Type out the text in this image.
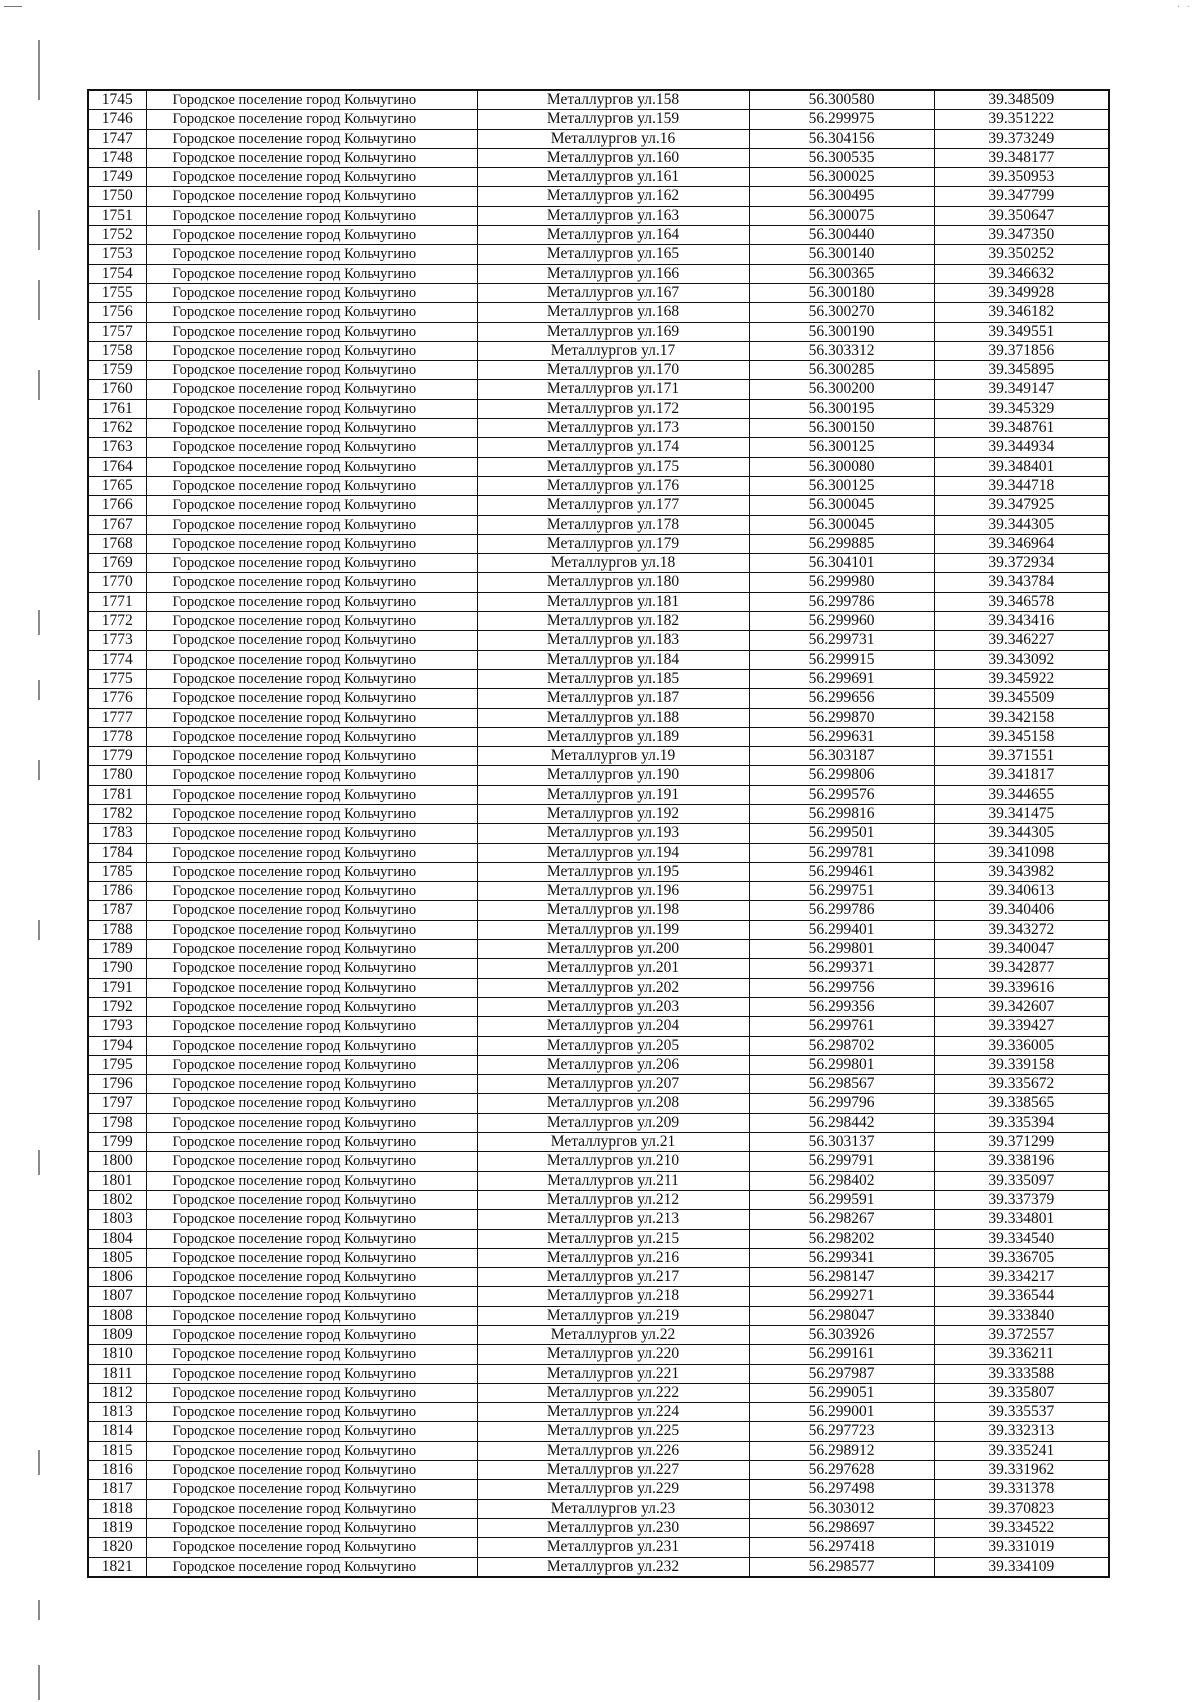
· ·
1745	Городское поселение город Кольчугино	Металлургов ул.158	56.300580	39.348509
1746	Городское поселение город Кольчугино	Металлургов ул.159	56.299975	39.351222
1747	Городское поселение город Кольчугино	Металлургов ул.16	56.304156	39.373249
1748	Городское поселение город Кольчугино	Металлургов ул.160	56.300535	39.348177
1749	Городское поселение город Кольчугино	Металлургов ул.161	56.300025	39.350953
1750	Городское поселение город Кольчугино	Металлургов ул.162	56.300495	39.347799
1751	Городское поселение город Кольчугино	Металлургов ул.163	56.300075	39.350647
1752	Городское поселение город Кольчугино	Металлургов ул.164	56.300440	39.347350
1753	Городское поселение город Кольчугино	Металлургов ул.165	56.300140	39.350252
1754	Городское поселение город Кольчугино	Металлургов ул.166	56.300365	39.346632
1755	Городское поселение город Кольчугино	Металлургов ул.167	56.300180	39.349928
1756	Городское поселение город Кольчугино	Металлургов ул.168	56.300270	39.346182
1757	Городское поселение город Кольчугино	Металлургов ул.169	56.300190	39.349551
1758	Городское поселение город Кольчугино	Металлургов ул.17	56.303312	39.371856
1759	Городское поселение город Кольчугино	Металлургов ул.170	56.300285	39.345895
1760	Городское поселение город Кольчугино	Металлургов ул.171	56.300200	39.349147
1761	Городское поселение город Кольчугино	Металлургов ул.172	56.300195	39.345329
1762	Городское поселение город Кольчугино	Металлургов ул.173	56.300150	39.348761
1763	Городское поселение город Кольчугино	Металлургов ул.174	56.300125	39.344934
1764	Городское поселение город Кольчугино	Металлургов ул.175	56.300080	39.348401
1765	Городское поселение город Кольчугино	Металлургов ул.176	56.300125	39.344718
1766	Городское поселение город Кольчугино	Металлургов ул.177	56.300045	39.347925
1767	Городское поселение город Кольчугино	Металлургов ул.178	56.300045	39.344305
1768	Городское поселение город Кольчугино	Металлургов ул.179	56.299885	39.346964
1769	Городское поселение город Кольчугино	Металлургов ул.18	56.304101	39.372934
1770	Городское поселение город Кольчугино	Металлургов ул.180	56.299980	39.343784
1771	Городское поселение город Кольчугино	Металлургов ул.181	56.299786	39.346578
1772	Городское поселение город Кольчугино	Металлургов ул.182	56.299960	39.343416
1773	Городское поселение город Кольчугино	Металлургов ул.183	56.299731	39.346227
1774	Городское поселение город Кольчугино	Металлургов ул.184	56.299915	39.343092
1775	Городское поселение город Кольчугино	Металлургов ул.185	56.299691	39.345922
1776	Городское поселение город Кольчугино	Металлургов ул.187	56.299656	39.345509
1777	Городское поселение город Кольчугино	Металлургов ул.188	56.299870	39.342158
1778	Городское поселение город Кольчугино	Металлургов ул.189	56.299631	39.345158
1779	Городское поселение город Кольчугино	Металлургов ул.19	56.303187	39.371551
1780	Городское поселение город Кольчугино	Металлургов ул.190	56.299806	39.341817
1781	Городское поселение город Кольчугино	Металлургов ул.191	56.299576	39.344655
1782	Городское поселение город Кольчугино	Металлургов ул.192	56.299816	39.341475
1783	Городское поселение город Кольчугино	Металлургов ул.193	56.299501	39.344305
1784	Городское поселение город Кольчугино	Металлургов ул.194	56.299781	39.341098
1785	Городское поселение город Кольчугино	Металлургов ул.195	56.299461	39.343982
1786	Городское поселение город Кольчугино	Металлургов ул.196	56.299751	39.340613
1787	Городское поселение город Кольчугино	Металлургов ул.198	56.299786	39.340406
1788	Городское поселение город Кольчугино	Металлургов ул.199	56.299401	39.343272
1789	Городское поселение город Кольчугино	Металлургов ул.200	56.299801	39.340047
1790	Городское поселение город Кольчугино	Металлургов ул.201	56.299371	39.342877
1791	Городское поселение город Кольчугино	Металлургов ул.202	56.299756	39.339616
1792	Городское поселение город Кольчугино	Металлургов ул.203	56.299356	39.342607
1793	Городское поселение город Кольчугино	Металлургов ул.204	56.299761	39.339427
1794	Городское поселение город Кольчугино	Металлургов ул.205	56.298702	39.336005
1795	Городское поселение город Кольчугино	Металлургов ул.206	56.299801	39.339158
1796	Городское поселение город Кольчугино	Металлургов ул.207	56.298567	39.335672
1797	Городское поселение город Кольчугино	Металлургов ул.208	56.299796	39.338565
1798	Городское поселение город Кольчугино	Металлургов ул.209	56.298442	39.335394
1799	Городское поселение город Кольчугино	Металлургов ул.21	56.303137	39.371299
1800	Городское поселение город Кольчугино	Металлургов ул.210	56.299791	39.338196
1801	Городское поселение город Кольчугино	Металлургов ул.211	56.298402	39.335097
1802	Городское поселение город Кольчугино	Металлургов ул.212	56.299591	39.337379
1803	Городское поселение город Кольчугино	Металлургов ул.213	56.298267	39.334801
1804	Городское поселение город Кольчугино	Металлургов ул.215	56.298202	39.334540
1805	Городское поселение город Кольчугино	Металлургов ул.216	56.299341	39.336705
1806	Городское поселение город Кольчугино	Металлургов ул.217	56.298147	39.334217
1807	Городское поселение город Кольчугино	Металлургов ул.218	56.299271	39.336544
1808	Городское поселение город Кольчугино	Металлургов ул.219	56.298047	39.333840
1809	Городское поселение город Кольчугино	Металлургов ул.22	56.303926	39.372557
1810	Городское поселение город Кольчугино	Металлургов ул.220	56.299161	39.336211
1811	Городское поселение город Кольчугино	Металлургов ул.221	56.297987	39.333588
1812	Городское поселение город Кольчугино	Металлургов ул.222	56.299051	39.335807
1813	Городское поселение город Кольчугино	Металлургов ул.224	56.299001	39.335537
1814	Городское поселение город Кольчугино	Металлургов ул.225	56.297723	39.332313
1815	Городское поселение город Кольчугино	Металлургов ул.226	56.298912	39.335241
1816	Городское поселение город Кольчугино	Металлургов ул.227	56.297628	39.331962
1817	Городское поселение город Кольчугино	Металлургов ул.229	56.297498	39.331378
1818	Городское поселение город Кольчугино	Металлургов ул.23	56.303012	39.370823
1819	Городское поселение город Кольчугино	Металлургов ул.230	56.298697	39.334522
1820	Городское поселение город Кольчугино	Металлургов ул.231	56.297418	39.331019
1821	Городское поселение город Кольчугино	Металлургов ул.232	56.298577	39.334109
